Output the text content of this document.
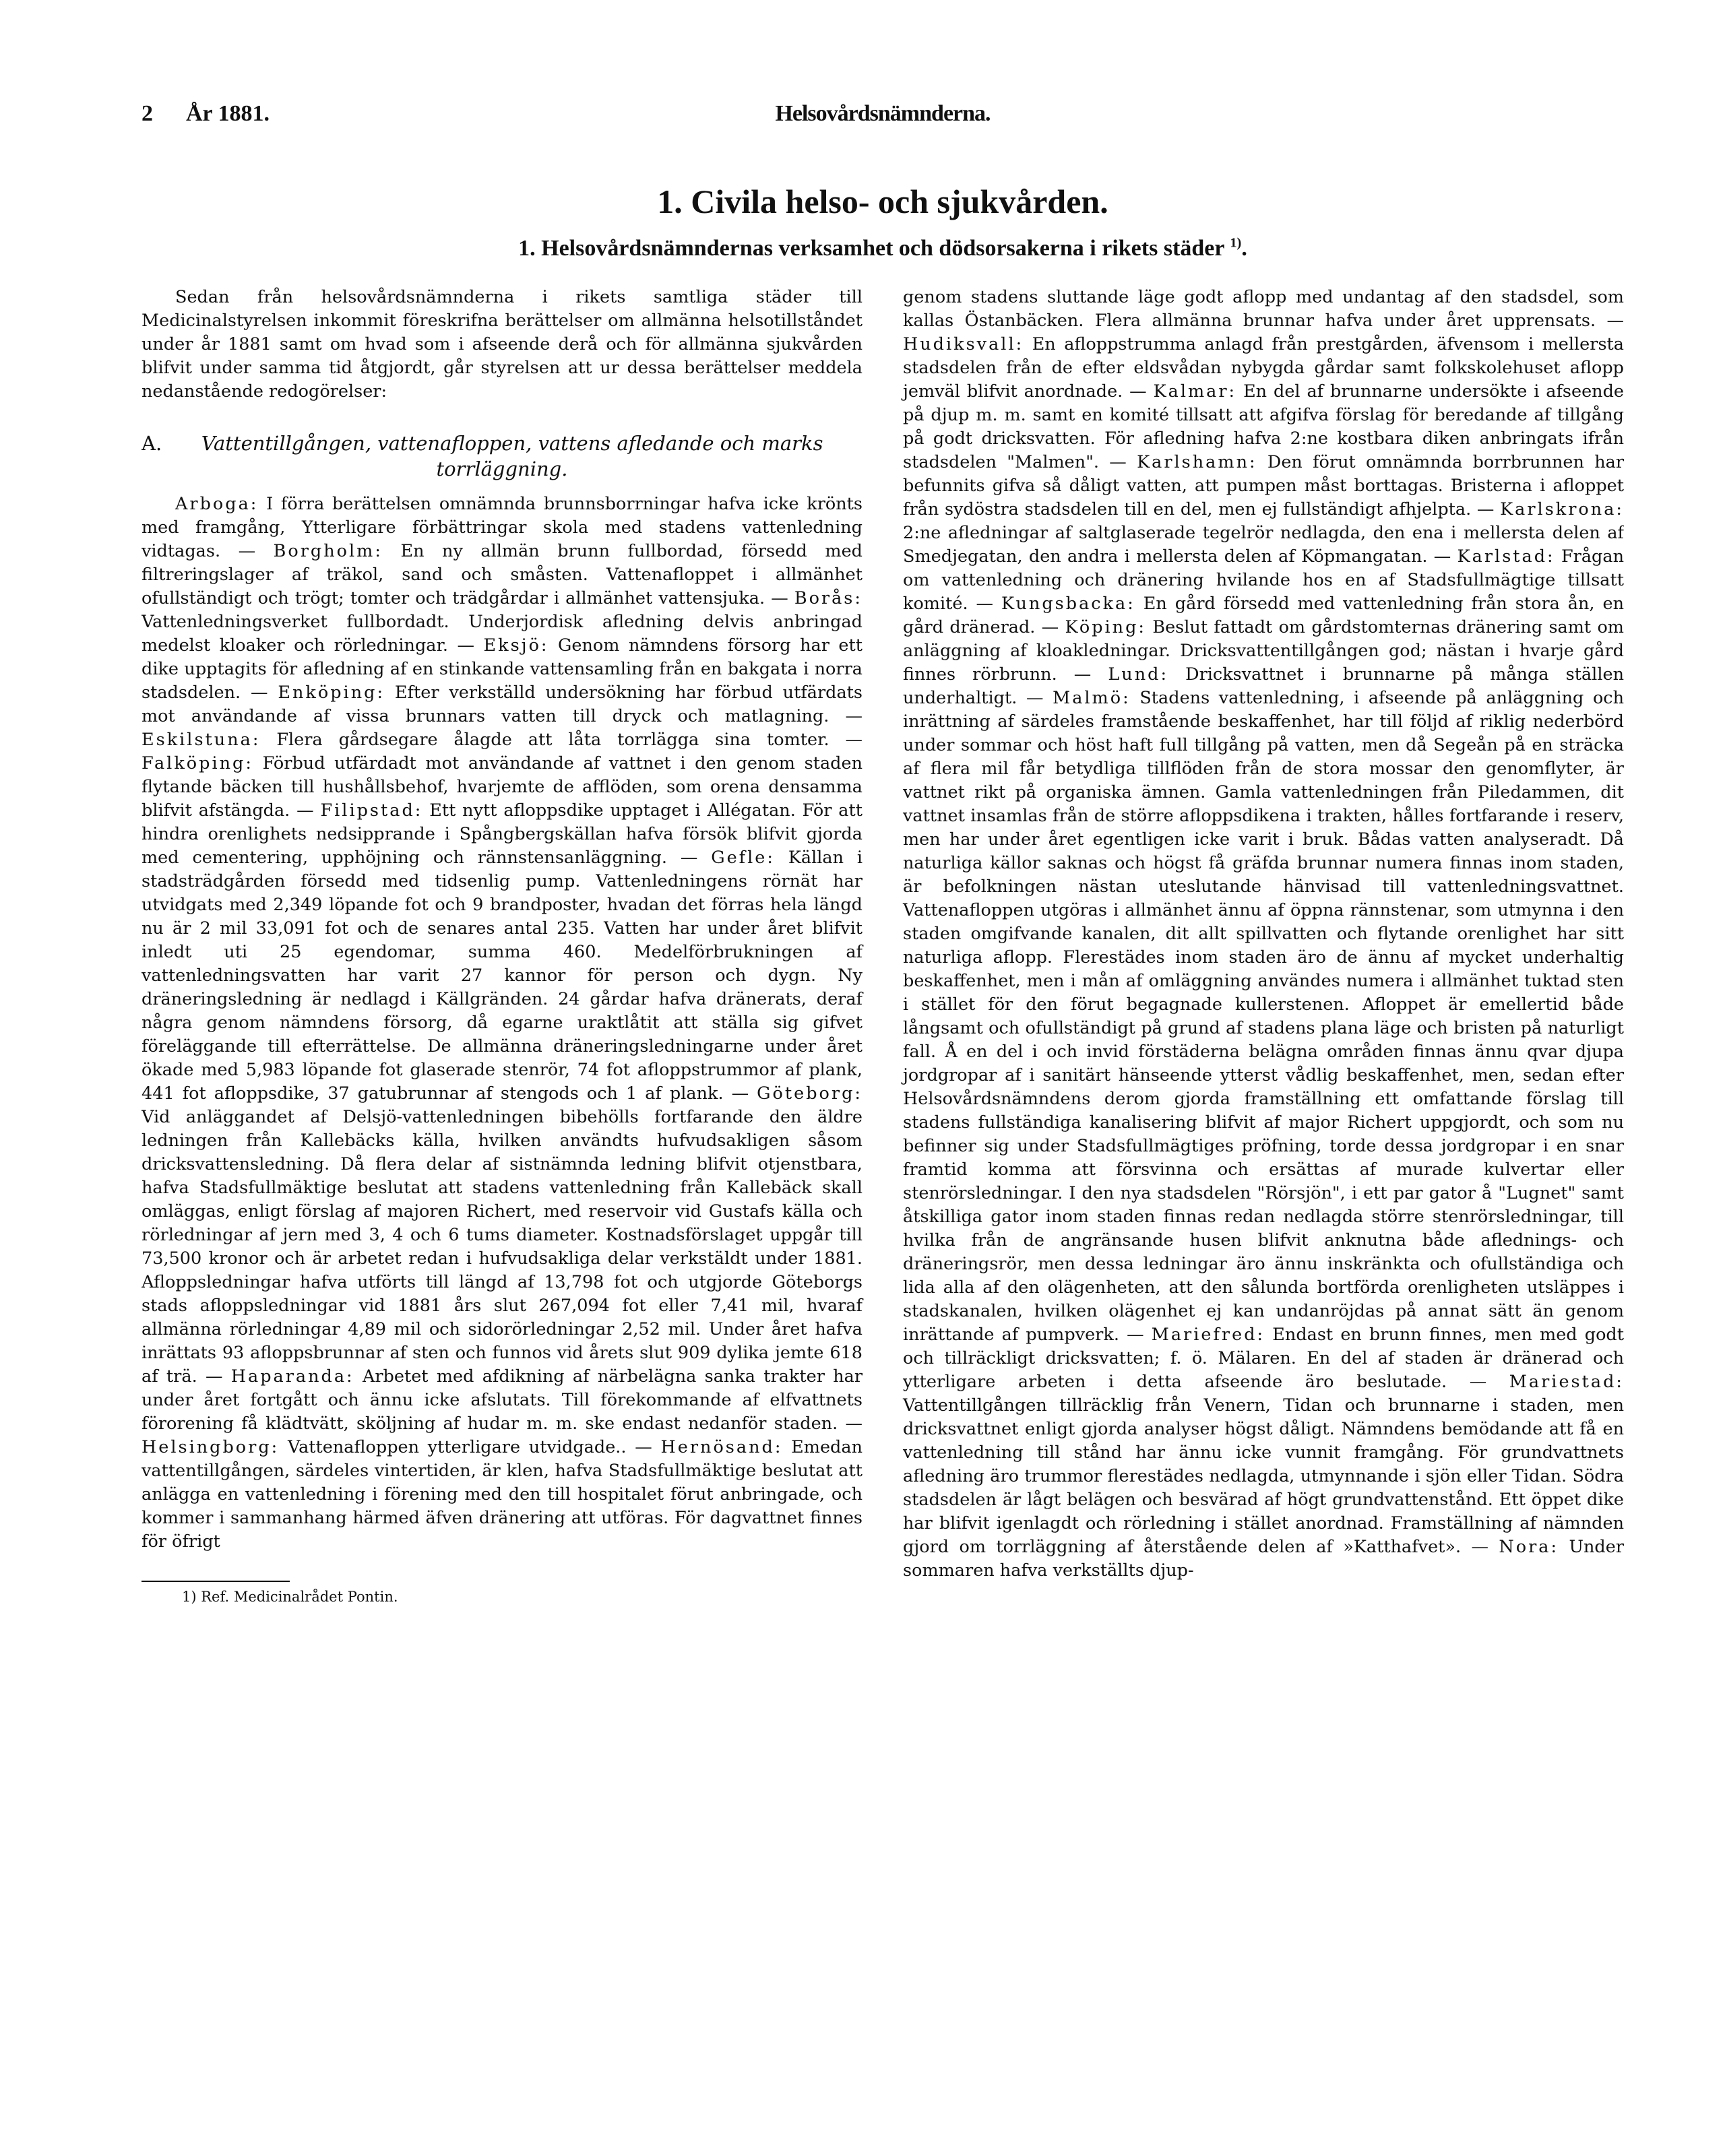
2 År 1881.	Helsovårdsnämnderna.
1. Civila helso- och sjukvården.
1. Helsovårdsnämndernas verksamhet och dödsorsakerna i rikets städer $^{1)}$.

Sedan från helsovårdsnämnderna i rikets samtliga städer till Medicinalstyrelsen inkommit föreskrifna berättelser om allmänna helsotillståndet under år 1881 samt om hvad som i afseende derå och för allmänna sjukvården blifvit under samma tid åtgjordt, går styrelsen att ur dessa berättelser meddela nedanstående redogörelser:

A. Vattentillgången, vattenafloppen, vattens afledande och marks torrläggning.

Arboga: I förra berättelsen omnämnda brunnsborrningar hafva icke krönts med framgång, Ytterligare förbättringar skola med stadens vattenledning vidtagas. — Borgholm: En ny allmän brunn fullbordad, försedd med filtreringslager af träkol, sand och småsten. Vattenafloppet i allmänhet ofullständigt och trögt; tomter och trädgårdar i allmänhet vattensjuka. — Borås: Vattenledningsverket fullbordadt. Underjordisk afledning delvis anbringad medelst kloaker och rörledningar. — Eksjö: Genom nämndens försorg har ett dike upptagits för afledning af en stinkande vattensamling från en bakgata i norra stadsdelen. — Enköping: Efter verkställd undersökning har förbud utfärdats mot användande af vissa brunnars vatten till dryck och matlagning. — Eskilstuna: Flera gårdsegare ålagde att låta torrlägga sina tomter. — Falköping: Förbud utfärdadt mot användande af vattnet i den genom staden flytande bäcken till hushållsbehof, hvarjemte de afflöden, som orena densamma blifvit afstängda. — Filipstad: Ett nytt afloppsdike upptaget i Allégatan. För att hindra orenlighets nedsipprande i Spångbergskällan hafva försök blifvit gjorda med cementering, upphöjning och rännstensanläggning. — Gefle: Källan i stadsträdgården försedd med tidsenlig pump. Vattenledningens rörnät har utvidgats med 2,349 löpande fot och 9 brandposter, hvadan det förras hela längd nu är 2 mil 33,091 fot och de senares antal 235. Vatten har under året blifvit inledt uti 25 egendomar, summa 460. Medelförbrukningen af vattenledningsvatten har varit 27 kannor för person och dygn. Ny dräneringsledning är nedlagd i Källgränden. 24 gårdar hafva dränerats, deraf några genom nämndens försorg, då egarne uraktlåtit att ställa sig gifvet föreläggande till efterrättelse. De allmänna dräneringsledningarne under året ökade med 5,983 löpande fot glaserade stenrör, 74 fot afloppstrummor af plank, 441 fot afloppsdike, 37 gatubrunnar af stengods och 1 af plank. — Göteborg: Vid anläggandet af Delsjö-vattenledningen bibehölls fortfarande den äldre ledningen från Kallebäcks källa, hvilken användts hufvudsakligen såsom dricksvattensledning. Då flera delar af sistnämnda ledning blifvit otjenstbara, hafva Stadsfullmäktige beslutat att stadens vattenledning från Kallebäck skall omläggas, enligt förslag af majoren Richert, med reservoir vid Gustafs källa och rörledningar af jern med 3, 4 och 6 tums diameter. Kostnadsförslaget uppgår till 73,500 kronor och är arbetet redan i hufvudsakliga delar verkstäldt under 1881. Afloppsledningar hafva utförts till längd af 13,798 fot och utgjorde Göteborgs stads afloppsledningar vid 1881 års slut 267,094 fot eller 7,41 mil, hvaraf allmänna rörledningar 4,89 mil och sidorörledningar 2,52 mil. Under året hafva inrättats 93 afloppsbrunnar af sten och funnos vid årets slut 909 dylika jemte 618 af trä. — Haparanda: Arbetet med afdikning af närbelägna sanka trakter har under året fortgått och ännu icke afslutats. Till förekommande af elfvattnets förorening få klädtvätt, sköljning af hudar m. m. ske endast nedanför staden. — Helsingborg: Vattenafloppen ytterligare utvidgade.. — Hernösand: Emedan vattentillgången, särdeles vintertiden, är klen, hafva Stadsfullmäktige beslutat att anlägga en vattenledning i förening med den till hospitalet förut anbringade, och kommer i sammanhang härmed äfven dränering att utföras. För dagvattnet finnes för öfrigt

1) Ref. Medicinalrådet Pontin.

genom stadens sluttande läge godt aflopp med undantag af den stadsdel, som kallas Östanbäcken. Flera allmänna brunnar hafva under året upprensats. — Hudiksvall: En afloppstrumma anlagd från prestgården, äfvensom i mellersta stadsdelen från de efter eldsvådan nybygda gårdar samt folkskolehuset aflopp jemväl blifvit anordnade. — Kalmar: En del af brunnarne undersökte i afseende på djup m. m. samt en komité tillsatt att afgifva förslag för beredande af tillgång på godt dricksvatten. För afledning hafva 2:ne kostbara diken anbringats ifrån stadsdelen "Malmen". — Karlshamn: Den förut omnämnda borrbrunnen har befunnits gifva så dåligt vatten, att pumpen måst borttagas. Bristerna i afloppet från sydöstra stadsdelen till en del, men ej fullständigt afhjelpta. — Karlskrona: 2:ne afledningar af saltglaserade tegelrör nedlagda, den ena i mellersta delen af Smedjegatan, den andra i mellersta delen af Köpmangatan. — Karlstad: Frågan om vattenledning och dränering hvilande hos en af Stadsfullmägtige tillsatt komité. — Kungsbacka: En gård försedd med vattenledning från stora ån, en gård dränerad. — Köping: Beslut fattadt om gårdstomternas dränering samt om anläggning af kloakledningar. Dricksvattentillgången god; nästan i hvarje gård finnes rörbrunn. — Lund: Dricksvattnet i brunnarne på många ställen underhaltigt. — Malmö: Stadens vattenledning, i afseende på anläggning och inrättning af särdeles framstående beskaffenhet, har till följd af riklig nederbörd under sommar och höst haft full tillgång på vatten, men då Segeån på en sträcka af flera mil får betydliga tillflöden från de stora mossar den genomflyter, är vattnet rikt på organiska ämnen. Gamla vattenledningen från Piledammen, dit vattnet insamlas från de större afloppsdikena i trakten, hålles fortfarande i reserv, men har under året egentligen icke varit i bruk. Bådas vatten analyseradt. Då naturliga källor saknas och högst få gräfda brunnar numera finnas inom staden, är befolkningen nästan uteslutande hänvisad till vattenledningsvattnet. Vattenafloppen utgöras i allmänhet ännu af öppna rännstenar, som utmynna i den staden omgifvande kanalen, dit allt spillvatten och flytande orenlighet har sitt naturliga aflopp. Flerestädes inom staden äro de ännu af mycket underhaltig beskaffenhet, men i mån af omläggning användes numera i allmänhet tuktad sten i stället för den förut begagnade kullerstenen. Afloppet är emellertid både långsamt och ofullständigt på grund af stadens plana läge och bristen på naturligt fall. Å en del i och invid förstäderna belägna områden finnas ännu qvar djupa jordgropar af i sanitärt hänseende ytterst vådlig beskaffenhet, men, sedan efter Helsovårdsnämndens derom gjorda framställning ett omfattande förslag till stadens fullständiga kanalisering blifvit af major Richert uppgjordt, och som nu befinner sig under Stadsfullmägtiges pröfning, torde dessa jordgropar i en snar framtid komma att försvinna och ersättas af murade kulvertar eller stenrörsledningar. I den nya stadsdelen "Rörsjön", i ett par gator å "Lugnet" samt åtskilliga gator inom staden finnas redan nedlagda större stenrörsledningar, till hvilka från de angränsande husen blifvit anknutna både aflednings- och dräneringsrör, men dessa ledningar äro ännu inskränkta och ofullständiga och lida alla af den olägenheten, att den sålunda bortförda orenligheten utsläppes i stadskanalen, hvilken olägenhet ej kan undanröjdas på annat sätt än genom inrättande af pumpverk. — Mariefred: Endast en brunn finnes, men med godt och tillräckligt dricksvatten; f. ö. Mälaren. En del af staden är dränerad och ytterligare arbeten i detta afseende äro beslutade. — Mariestad: Vattentillgången tillräcklig från Venern, Tidan och brunnarne i staden, men dricksvattnet enligt gjorda analyser högst dåligt. Nämndens bemödande att få en vattenledning till stånd har ännu icke vunnit framgång. För grundvattnets afledning äro trummor flerestädes nedlagda, utmynnande i sjön eller Tidan. Södra stadsdelen är lågt belägen och besvärad af högt grundvattenstånd. Ett öppet dike har blifvit igenlagdt och rörledning i stället anordnad. Framställning af nämnden gjord om torrläggning af återstående delen af »Katthafvet». — Nora: Under sommaren hafva verkställts djup-
